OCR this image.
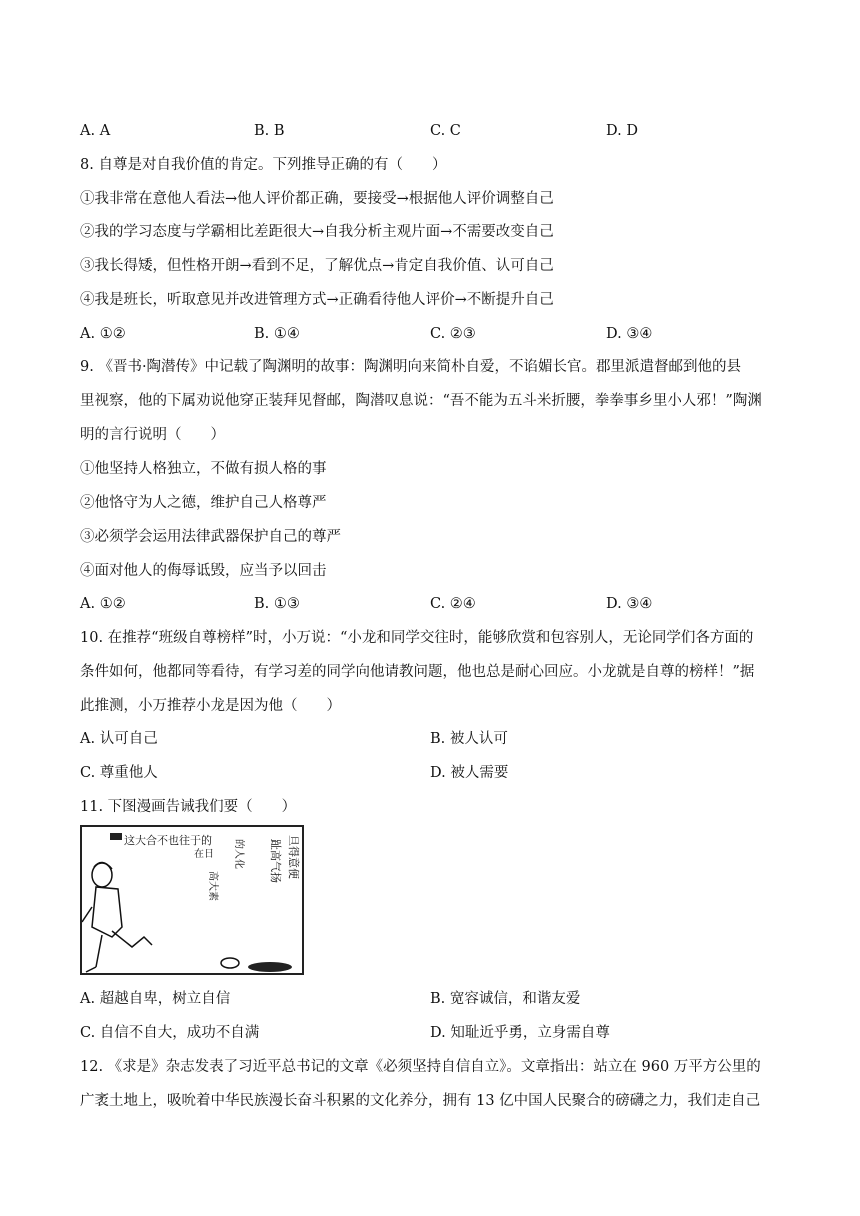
A. A	B. B	C. C	D. D
8. 自尊是对自我价值的肯定。下列推导正确的有（　　）
①我非常在意他人看法→他人评价都正确，要接受→根据他人评价调整自己
②我的学习态度与学霸相比差距很大→自我分析主观片面→不需要改变自己
③我长得矮，但性格开朗→看到不足，了解优点→肯定自我价值、认可自己
④我是班长，听取意见并改进管理方式→正确看待他人评价→不断提升自己
A. ①②	B. ①④	C. ②③	D. ③④
9. 《晋书·陶潜传》中记载了陶渊明的故事：陶渊明向来简朴自爱，不谄媚长官。郡里派遣督邮到他的县
里视察，他的下属劝说他穿正装拜见督邮，陶潜叹息说：“吾不能为五斗米折腰，拳拳事乡里小人邪！”陶渊
明的言行说明（　　）
①他坚持人格独立，不做有损人格的事
②他恪守为人之德，维护自己人格尊严
③必须学会运用法律武器保护自己的尊严
④面对他人的侮辱诋毁，应当予以回击
A. ①②	B. ①③	C. ②④	D. ③④
10. 在推荐“班级自尊榜样”时，小万说：“小龙和同学交往时，能够欣赏和包容别人，无论同学们各方面的
条件如何，他都同等看待，有学习差的同学向他请教问题，他也总是耐心回应。小龙就是自尊的榜样！”据
此推测，小万推荐小龙是因为他（　　）
A. 认可自己	B. 被人认可
C. 尊重他人	D. 被人需要
11. 下图漫画告诫我们要（　　）
这大合不也往于的
在日
高大素
的人化	旦得意便
趾高气扬
A. 超越自卑，树立自信	B. 宽容诚信，和谐友爱
C. 自信不自大，成功不自满	D. 知耻近乎勇，立身需自尊
12. 《求是》杂志发表了习近平总书记的文章《必须坚持自信自立》。文章指出：站立在 960 万平方公里的
广袤土地上，吸吮着中华民族漫长奋斗积累的文化养分，拥有 13 亿中国人民聚合的磅礴之力，我们走自己
